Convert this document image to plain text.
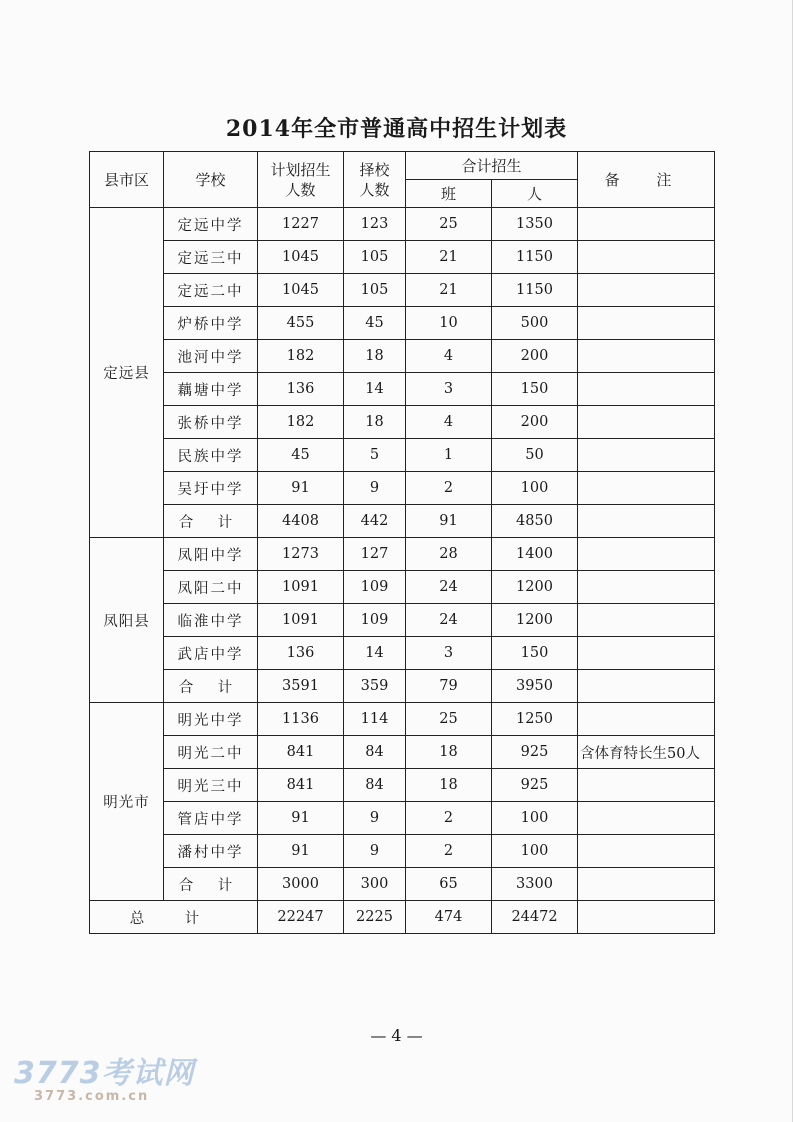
2014年全市普通高中招生计划表
县市区	学校	计划招生人数	择校人数	合计招生		备 注
				班	人	
定远县	定远中学	1227	123	25	1350	
	定远三中	1045	105	21	1150	
	定远二中	1045	105	21	1150	
	炉桥中学	455	45	10	500	
	池河中学	182	18	4	200	
	藕塘中学	136	14	3	150	
	张桥中学	182	18	4	200	
	民族中学	45	5	1	50	
	吴圩中学	91	9	2	100	
	合 计	4408	442	91	4850	
凤阳县	凤阳中学	1273	127	28	1400	
	凤阳二中	1091	109	24	1200	
	临淮中学	1091	109	24	1200	
	武店中学	136	14	3	150	
	合 计	3591	359	79	3950	
明光市	明光中学	1136	114	25	1250	
	明光二中	841	84	18	925	含体育特长生50人
	明光三中	841	84	18	925	
	管店中学	91	9	2	100	
	潘村中学	91	9	2	100	
	合 计	3000	300	65	3300	
总 计		22247	2225	474	24472	
— 4 —
3773考试网
3773.com.cn
